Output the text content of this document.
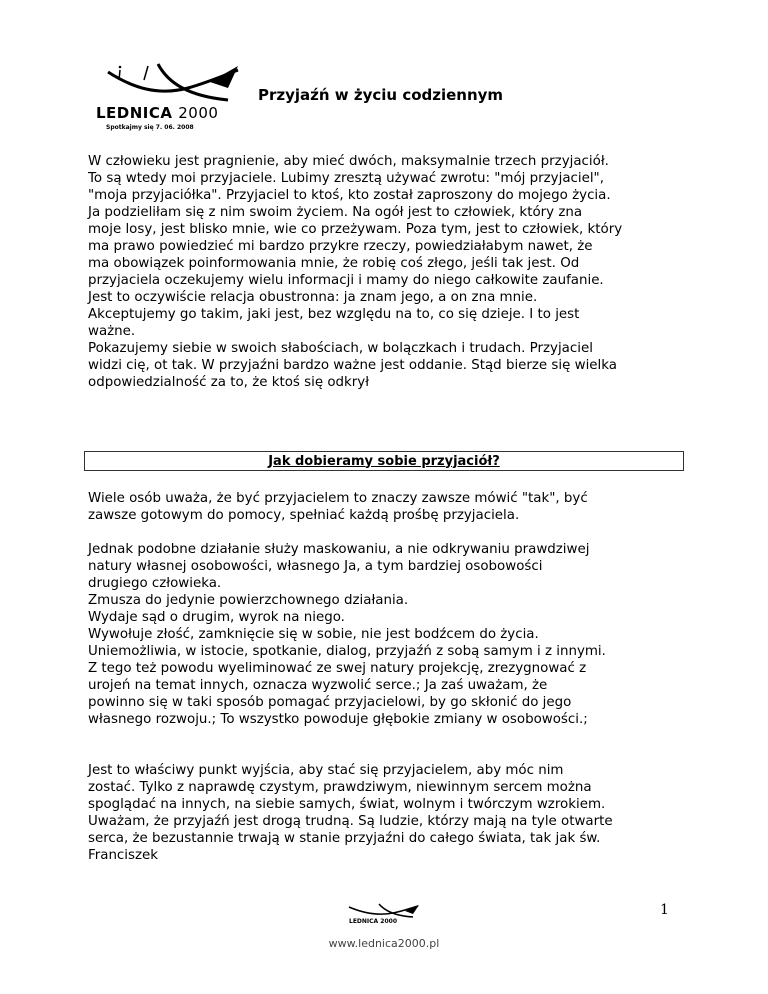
LEDNICA 2000
Spotkajmy się 7. 06. 2008
Przyjaźń w życiu codziennym

W człowieku jest pragnienie, aby mieć dwóch, maksymalnie trzech przyjaciół.
To są wtedy moi przyjaciele. Lubimy zresztą używać zwrotu: "mój przyjaciel",
"moja przyjaciółka". Przyjaciel to ktoś, kto został zaproszony do mojego życia.
Ja podzieliłam się z nim swoim życiem. Na ogół jest to człowiek, który zna
moje losy, jest blisko mnie, wie co przeżywam. Poza tym, jest to człowiek, który
ma prawo powiedzieć mi bardzo przykre rzeczy, powiedziałabym nawet, że
ma obowiązek poinformowania mnie, że robię coś złego, jeśli tak jest. Od
przyjaciela oczekujemy wielu informacji i mamy do niego całkowite zaufanie.
Jest to oczywiście relacja obustronna: ja znam jego, a on zna mnie.
Akceptujemy go takim, jaki jest, bez względu na to, co się dzieje. I to jest
ważne.
Pokazujemy siebie w swoich słabościach, w bolączkach i trudach. Przyjaciel
widzi cię, ot tak. W przyjaźni bardzo ważne jest oddanie. Stąd bierze się wielka
odpowiedzialność za to, że ktoś się odkrył

Jak dobieramy sobie przyjaciół?

Wiele osób uważa, że być przyjacielem to znaczy zawsze mówić "tak", być
zawsze gotowym do pomocy, spełniać każdą prośbę przyjaciela.

Jednak podobne działanie służy maskowaniu, a nie odkrywaniu prawdziwej
natury własnej osobowości, własnego Ja, a tym bardziej osobowości
drugiego człowieka.
Zmusza do jedynie powierzchownego działania.
Wydaje sąd o drugim, wyrok na niego.
Wywołuje złość, zamknięcie się w sobie, nie jest bodźcem do życia.
Uniemożliwia, w istocie, spotkanie, dialog, przyjaźń z sobą samym i z innymi.
Z tego też powodu wyeliminować ze swej natury projekcję, zrezygnować z
urojeń na temat innych, oznacza wyzwolić serce.; Ja zaś uważam, że
powinno się w taki sposób pomagać przyjacielowi, by go skłonić do jego
własnego rozwoju.; To wszystko powoduje głębokie zmiany w osobowości.;

Jest to właściwy punkt wyjścia, aby stać się przyjacielem, aby móc nim
zostać. Tylko z naprawdę czystym, prawdziwym, niewinnym sercem można
spoglądać na innych, na siebie samych, świat, wolnym i twórczym wzrokiem.
Uważam, że przyjaźń jest drogą trudną. Są ludzie, którzy mają na tyle otwarte
serca, że bezustannie trwają w stanie przyjaźni do całego świata, tak jak św.
Franciszek

LEDNICA 2000
1
www.lednica2000.pl
